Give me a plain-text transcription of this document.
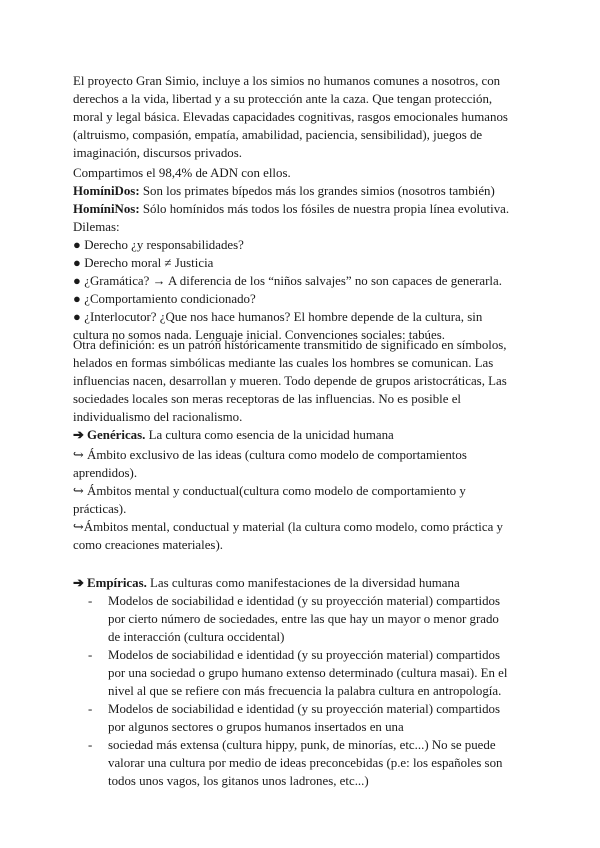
El proyecto Gran Simio, incluye a los simios no humanos comunes a nosotros, con
derechos a la vida, libertad y a su protección ante la caza. Que tengan protección,
moral y legal básica. Elevadas capacidades cognitivas, rasgos emocionales humanos
(altruismo, compasión, empatía, amabilidad, paciencia, sensibilidad), juegos de
imaginación, discursos privados.
Compartimos el 98,4% de ADN con ellos.
HomíniDos: Son los primates bípedos más los grandes simios (nosotros también)
HomíniNos: Sólo homínidos más todos los fósiles de nuestra propia línea evolutiva.
Dilemas:
● Derecho ¿y responsabilidades?
● Derecho moral ≠ Justicia
● ¿Gramática? → A diferencia de los “niños salvajes” no son capaces de generarla.
● ¿Comportamiento condicionado?
● ¿Interlocutor? ¿Que nos hace humanos? El hombre depende de la cultura, sin
cultura no somos nada. Lenguaje inicial. Convenciones sociales: tabúes.
Otra definición: es un patrón históricamente transmitido de significado en símbolos,
helados en formas simbólicas mediante las cuales los hombres se comunican. Las
influencias nacen, desarrollan y mueren. Todo depende de grupos aristocráticas, Las
sociedades locales son meras receptoras de las influencias. No es posible el
individualismo del racionalismo.
➔ Genéricas. La cultura como esencia de la unicidad humana
↪ Ámbito exclusivo de las ideas (cultura como modelo de comportamientos
aprendidos).
↪ Ámbitos mental y conductual(cultura como modelo de comportamiento y
prácticas).
↪Ámbitos mental, conductual y material (la cultura como modelo, como práctica y
como creaciones materiales).
➔ Empíricas. Las culturas como manifestaciones de la diversidad humana
-	Modelos de sociabilidad e identidad (y su proyección material) compartidos
por cierto número de sociedades, entre las que hay un mayor o menor grado
de interacción (cultura occidental)
-	Modelos de sociabilidad e identidad (y su proyección material) compartidos
por una sociedad o grupo humano extenso determinado (cultura masai). En el
nivel al que se refiere con más frecuencia la palabra cultura en antropología.
-	Modelos de sociabilidad e identidad (y su proyección material) compartidos
por algunos sectores o grupos humanos insertados en una
-	sociedad más extensa (cultura hippy, punk, de minorías, etc...) No se puede
valorar una cultura por medio de ideas preconcebidas (p.e: los españoles son
todos unos vagos, los gitanos unos ladrones, etc...)
